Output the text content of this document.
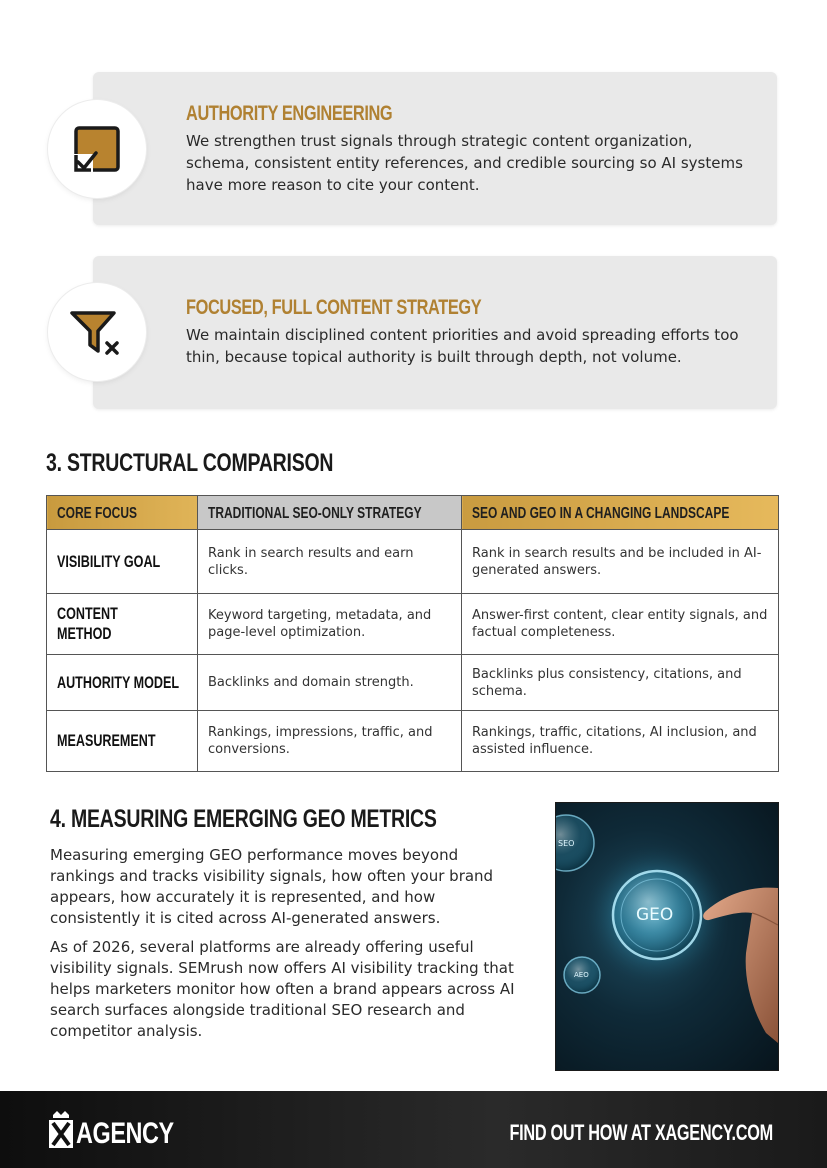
AUTHORITY ENGINEERING
We strengthen trust signals through strategic content organization, schema, consistent entity references, and credible sourcing so AI systems have more reason to cite your content.
FOCUSED, FULL CONTENT STRATEGY
We maintain disciplined content priorities and avoid spreading efforts too thin, because topical authority is built through depth, not volume.
3. STRUCTURAL COMPARISON
CORE FOCUS	TRADITIONAL SEO-ONLY STRATEGY	SEO AND GEO IN A CHANGING LANDSCAPE
VISIBILITY GOAL	Rank in search results and earn clicks.	Rank in search results and be included in AI-generated answers.
CONTENT
METHOD	Keyword targeting, metadata, and page-level optimization.	Answer-first content, clear entity signals, and factual completeness.
AUTHORITY MODEL	Backlinks and domain strength.	Backlinks plus consistency, citations, and schema.
MEASUREMENT	Rankings, impressions, traffic, and conversions.	Rankings, traffic, citations, AI inclusion, and assisted influence.
4. MEASURING EMERGING GEO METRICS

Measuring emerging GEO performance moves beyond rankings and tracks visibility signals, how often your brand appears, how accurately it is represented, and how consistently it is cited across AI-generated answers.

As of 2026, several platforms are already offering useful visibility signals. SEMrush now offers AI visibility tracking that helps marketers monitor how often a brand appears across AI search surfaces alongside traditional SEO research and competitor analysis.

GEO
SEO
AEO
AGENCY	FIND OUT HOW AT XAGENCY.COM
